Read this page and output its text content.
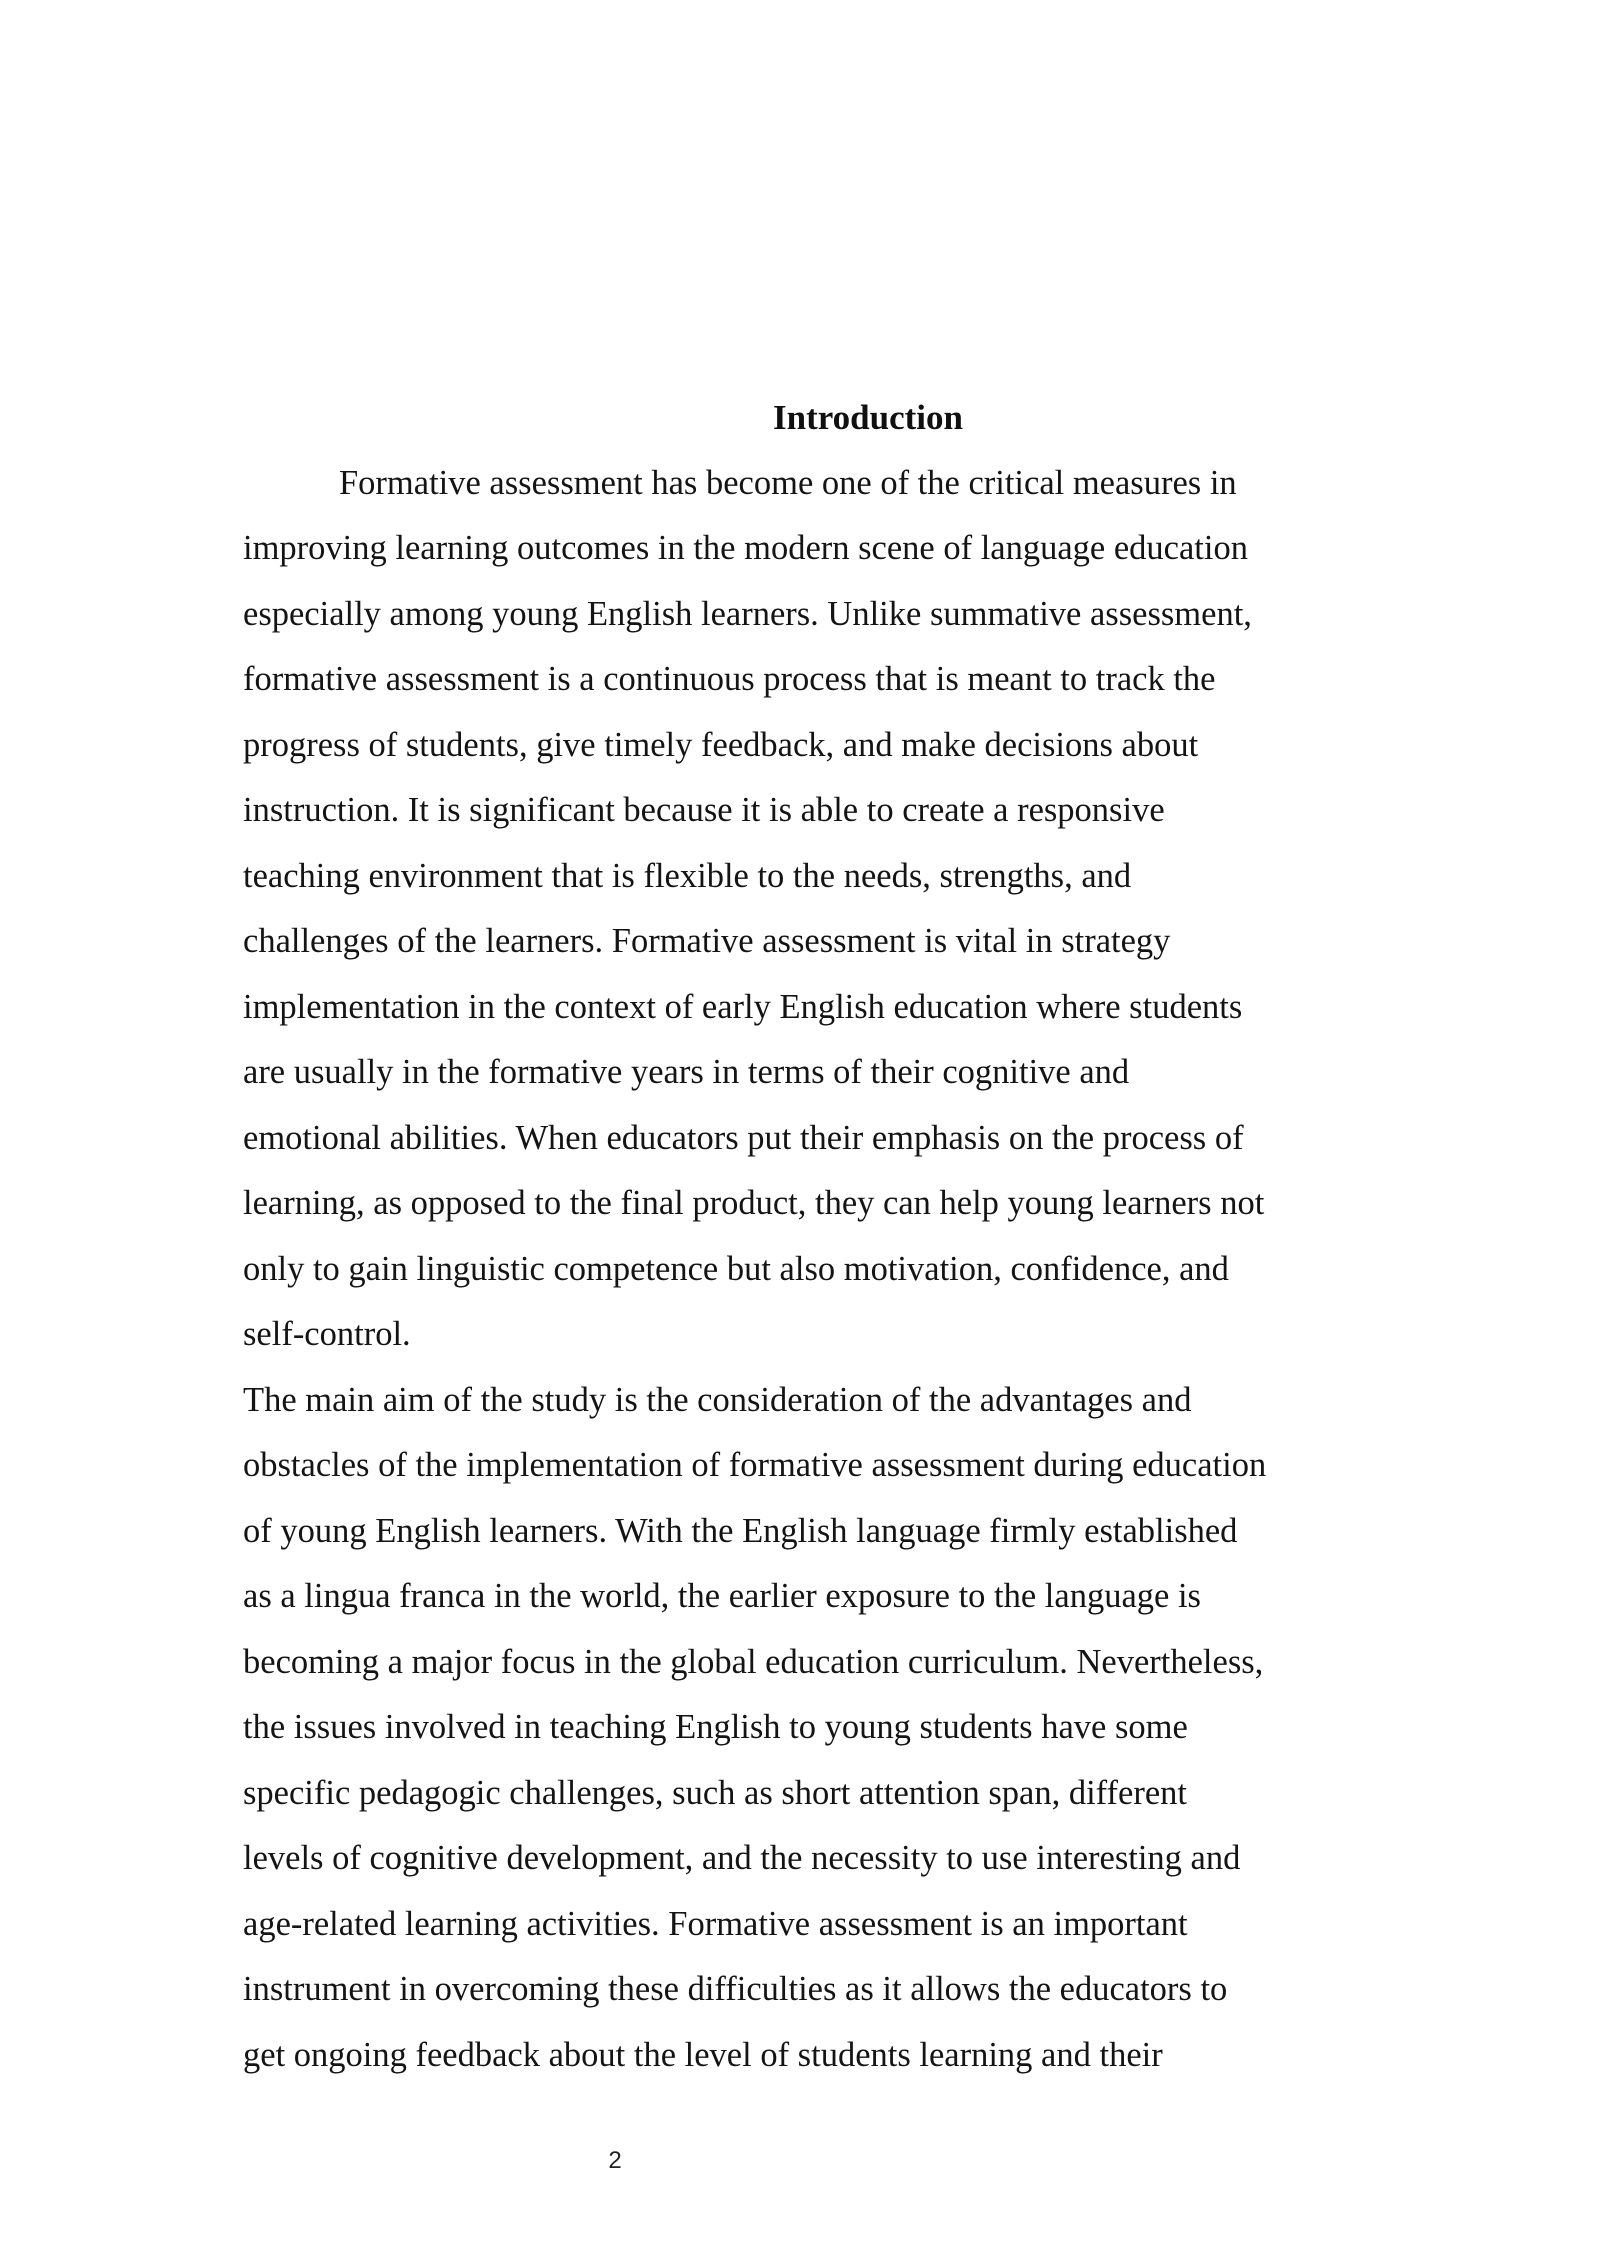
Introduction

Formative assessment has become one of the critical measures in
improving learning outcomes in the modern scene of language education
especially among young English learners. Unlike summative assessment,
formative assessment is a continuous process that is meant to track the
progress of students, give timely feedback, and make decisions about
instruction. It is significant because it is able to create a responsive
teaching environment that is flexible to the needs, strengths, and
challenges of the learners. Formative assessment is vital in strategy
implementation in the context of early English education where students
are usually in the formative years in terms of their cognitive and
emotional abilities. When educators put their emphasis on the process of
learning, as opposed to the final product, they can help young learners not
only to gain linguistic competence but also motivation, confidence, and
self-control.

The main aim of the study is the consideration of the advantages and
obstacles of the implementation of formative assessment during education
of young English learners. With the English language firmly established
as a lingua franca in the world, the earlier exposure to the language is
becoming a major focus in the global education curriculum. Nevertheless,
the issues involved in teaching English to young students have some
specific pedagogic challenges, such as short attention span, different
levels of cognitive development, and the necessity to use interesting and
age-related learning activities. Formative assessment is an important
instrument in overcoming these difficulties as it allows the educators to
get ongoing feedback about the level of students learning and their

2
